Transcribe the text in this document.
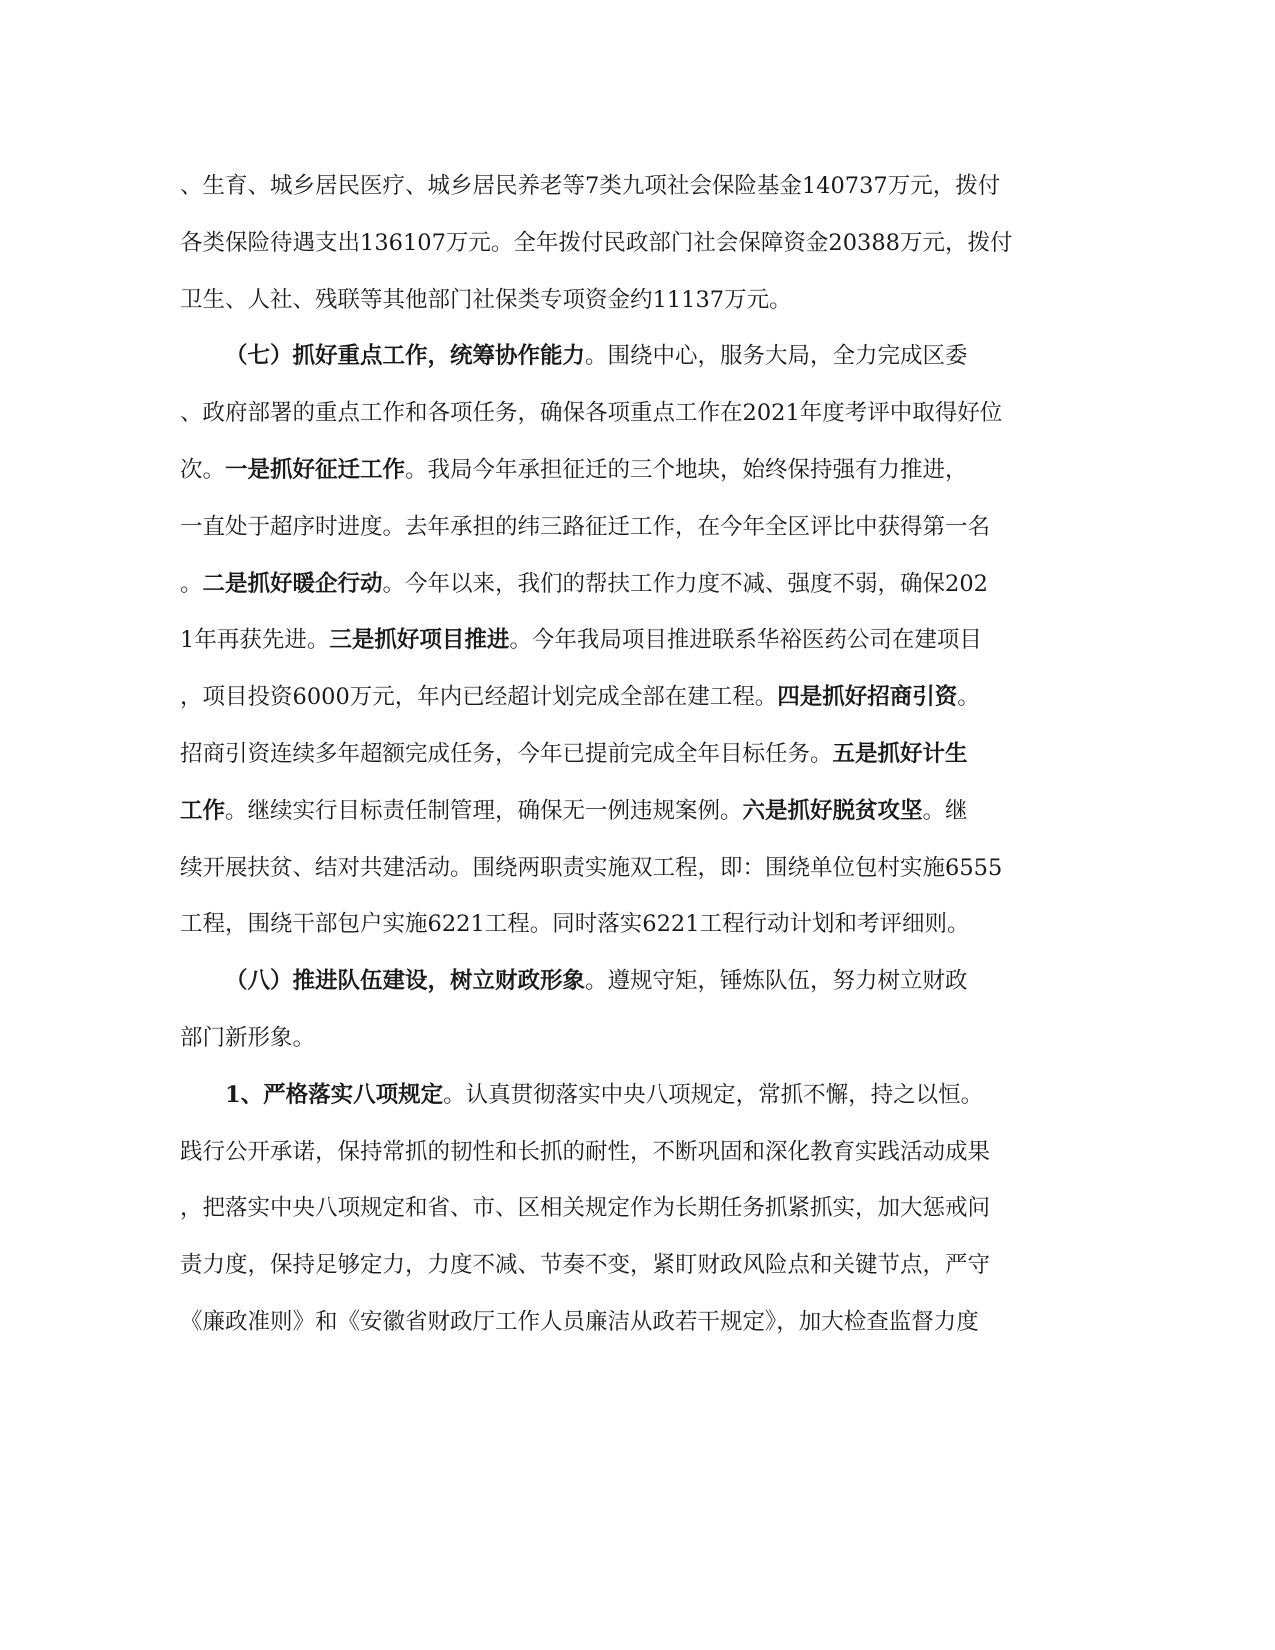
、生育、城乡居民医疗、城乡居民养老等7类九项社会保险基金140737万元，拨付
各类保险待遇支出136107万元。全年拨付民政部门社会保障资金20388万元，拨付
卫生、人社、残联等其他部门社保类专项资金约11137万元。
（七）抓好重点工作，统筹协作能力。围绕中心，服务大局，全力完成区委
、政府部署的重点工作和各项任务，确保各项重点工作在2021年度考评中取得好位
次。一是抓好征迁工作。我局今年承担征迁的三个地块，始终保持强有力推进，
一直处于超序时进度。去年承担的纬三路征迁工作，在今年全区评比中获得第一名
。二是抓好暖企行动。今年以来，我们的帮扶工作力度不减、强度不弱，确保202
1年再获先进。三是抓好项目推进。今年我局项目推进联系华裕医药公司在建项目
，项目投资6000万元，年内已经超计划完成全部在建工程。四是抓好招商引资。
招商引资连续多年超额完成任务，今年已提前完成全年目标任务。五是抓好计生
工作。继续实行目标责任制管理，确保无一例违规案例。六是抓好脱贫攻坚。继
续开展扶贫、结对共建活动。围绕两职责实施双工程，即：围绕单位包村实施6555
工程，围绕干部包户实施6221工程。同时落实6221工程行动计划和考评细则。
（八）推进队伍建设，树立财政形象。遵规守矩，锤炼队伍，努力树立财政
部门新形象。
1、严格落实八项规定。认真贯彻落实中央八项规定，常抓不懈，持之以恒。
践行公开承诺，保持常抓的韧性和长抓的耐性，不断巩固和深化教育实践活动成果
，把落实中央八项规定和省、市、区相关规定作为长期任务抓紧抓实，加大惩戒问
责力度，保持足够定力，力度不减、节奏不变，紧盯财政风险点和关键节点，严守
《廉政准则》和《安徽省财政厅工作人员廉洁从政若干规定》，加大检查监督力度
